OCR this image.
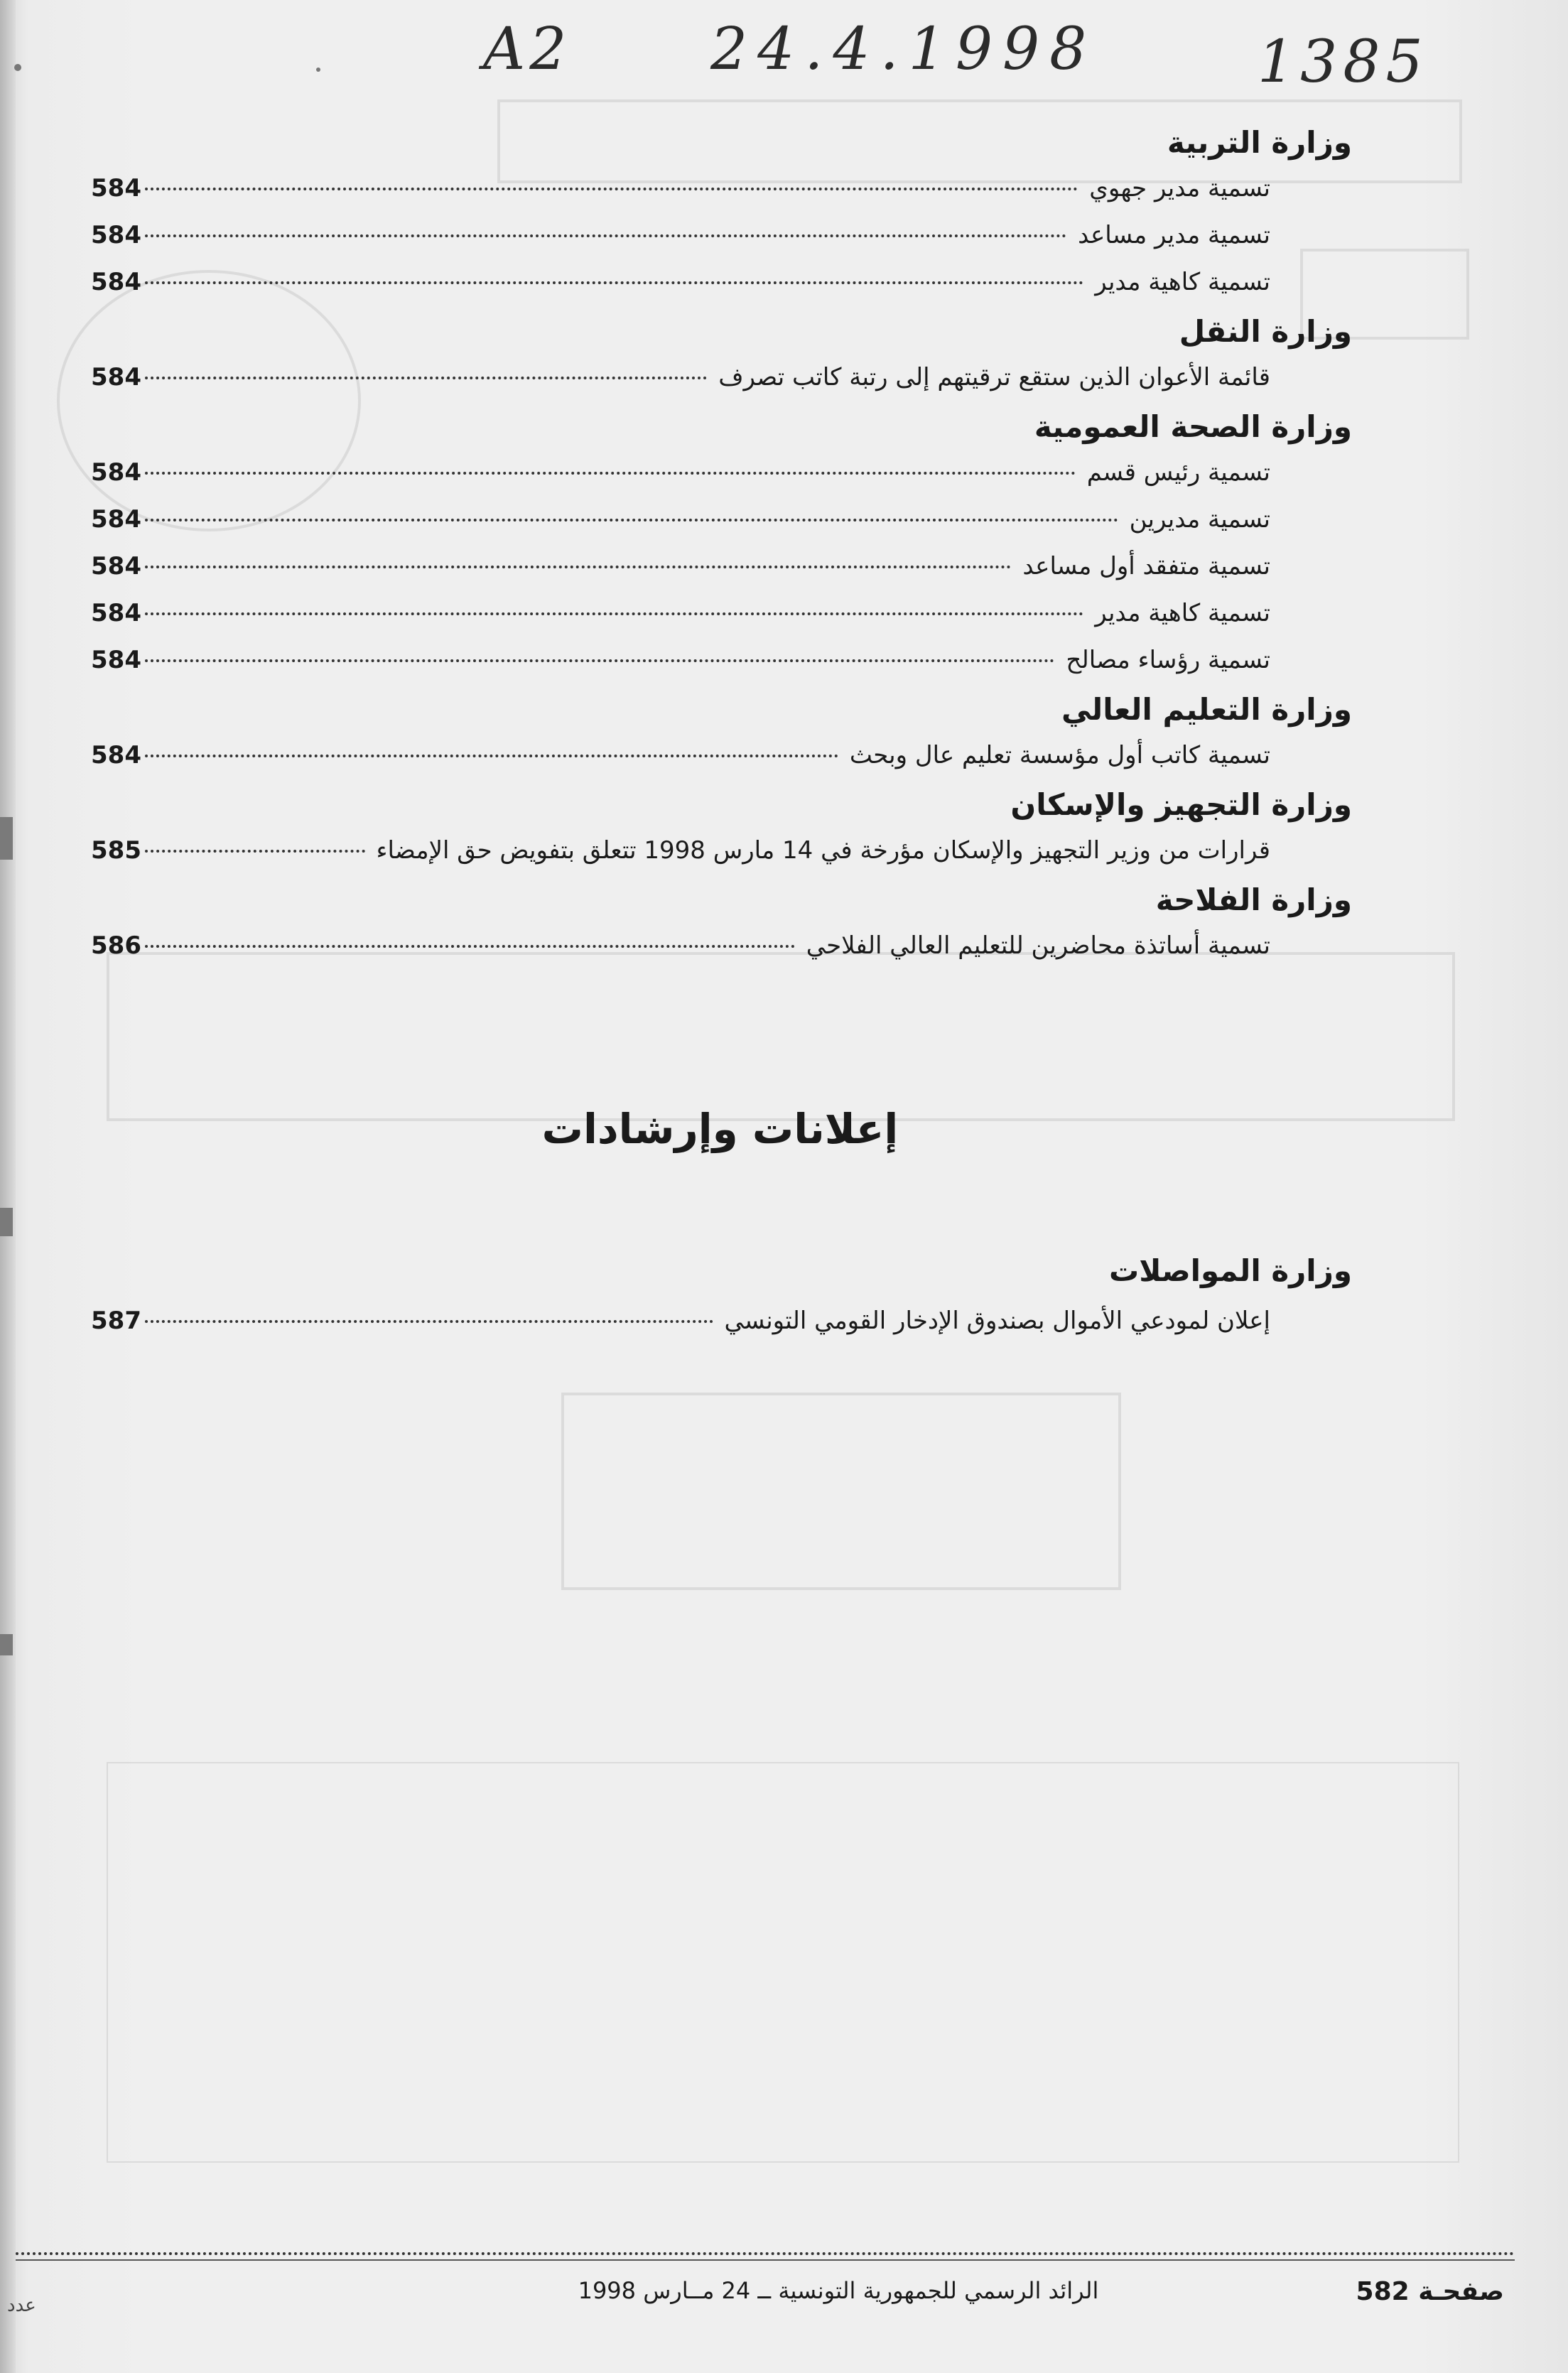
A2 24.4.1998	1385
وزارة التربية
تسمية مدير جهوي
584
تسمية مدير مساعد
584
تسمية كاهية مدير
584
وزارة النقل
قائمة الأعوان الذين ستقع ترقيتهم إلى رتبة كاتب تصرف
584
وزارة الصحة العمومية
تسمية رئيس قسم
584
تسمية مديرين
584
تسمية متفقد أول مساعد
584
تسمية كاهية مدير
584
تسمية رؤساء مصالح
584
وزارة التعليم العالي
تسمية كاتب أول مؤسسة تعليم عال وبحث
584
وزارة التجهيز والإسكان
قرارات من وزير التجهيز والإسكان مؤرخة في 14 مارس 1998 تتعلق بتفويض حق الإمضاء
585
وزارة الفلاحة
تسمية أساتذة محاضرين للتعليم العالي الفلاحي
586
إعلانات وإرشادات
وزارة المواصلات
إعلان لمودعي الأموال بصندوق الإدخار القومي التونسي
587
صفحـة 582
الرائد الرسمي للجمهورية التونسية ــ 24 مــارس 1998
عدد
